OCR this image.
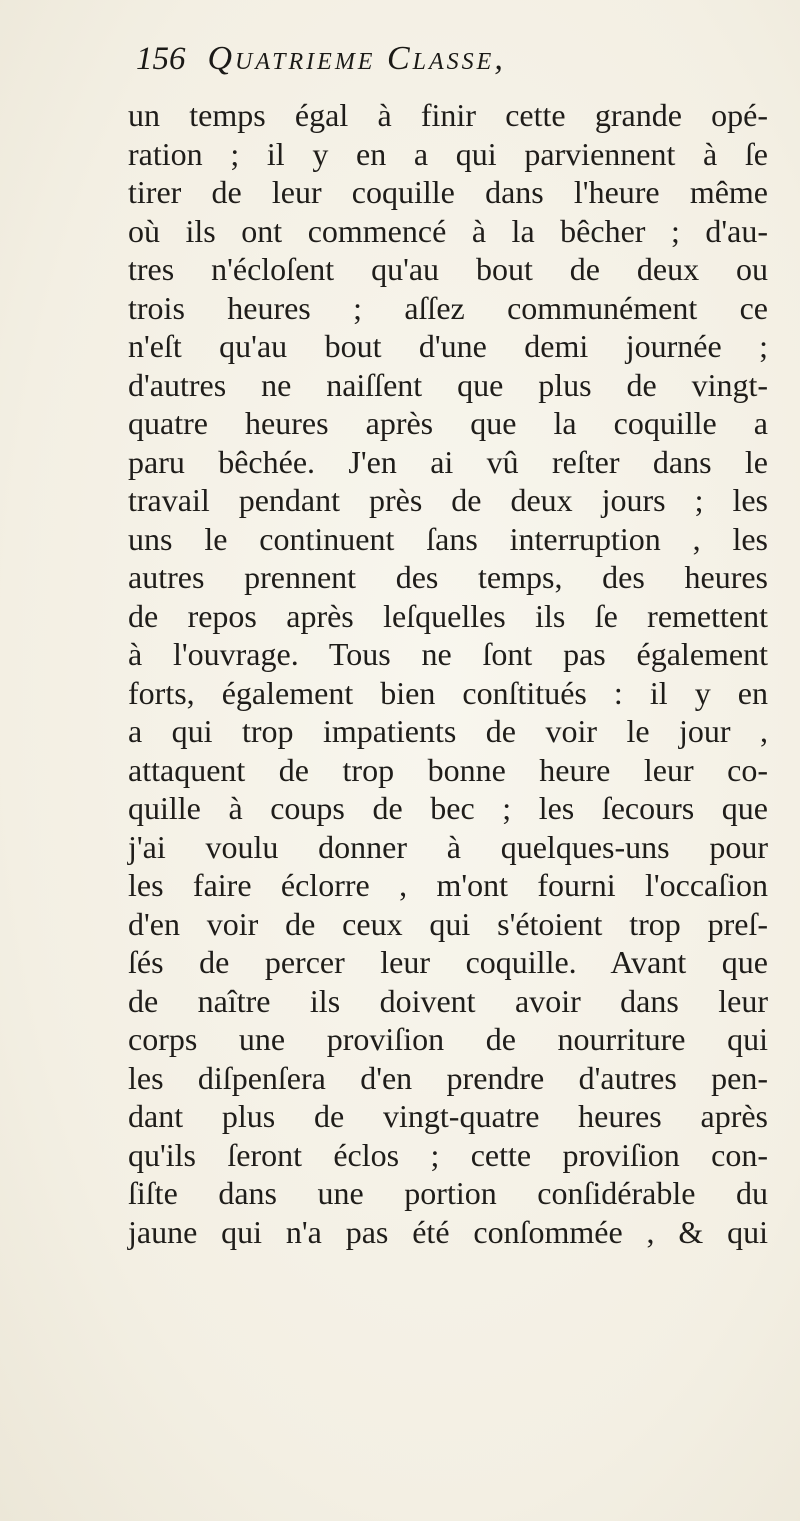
156 Quatrieme Classe,
un temps égal à finir cette grande opé-
ration ; il y en a qui parviennent à ſe
tirer de leur coquille dans l'heure même
où ils ont commencé à la bêcher ; d'au-
tres n'écloſent qu'au bout de deux ou
trois heures ; aſſez communément ce
n'eſt qu'au bout d'une demi journée ;
d'autres ne naiſſent que plus de vingt-
quatre heures après que la coquille a
paru bêchée. J'en ai vû reſter dans le
travail pendant près de deux jours ; les
uns le continuent ſans interruption , les
autres prennent des temps, des heures
de repos après leſquelles ils ſe remettent
à l'ouvrage. Tous ne ſont pas également
forts, également bien conſtitués : il y en
a qui trop impatients de voir le jour ,
attaquent de trop bonne heure leur co-
quille à coups de bec ; les ſecours que
j'ai voulu donner à quelques-uns pour
les faire éclorre , m'ont fourni l'occaſion
d'en voir de ceux qui s'étoient trop preſ-
ſés de percer leur coquille. Avant que
de naître ils doivent avoir dans leur
corps une proviſion de nourriture qui
les diſpenſera d'en prendre d'autres pen-
dant plus de vingt-quatre heures après
qu'ils ſeront éclos ; cette proviſion con-
ſiſte dans une portion conſidérable du
jaune qui n'a pas été conſommée , & qui
